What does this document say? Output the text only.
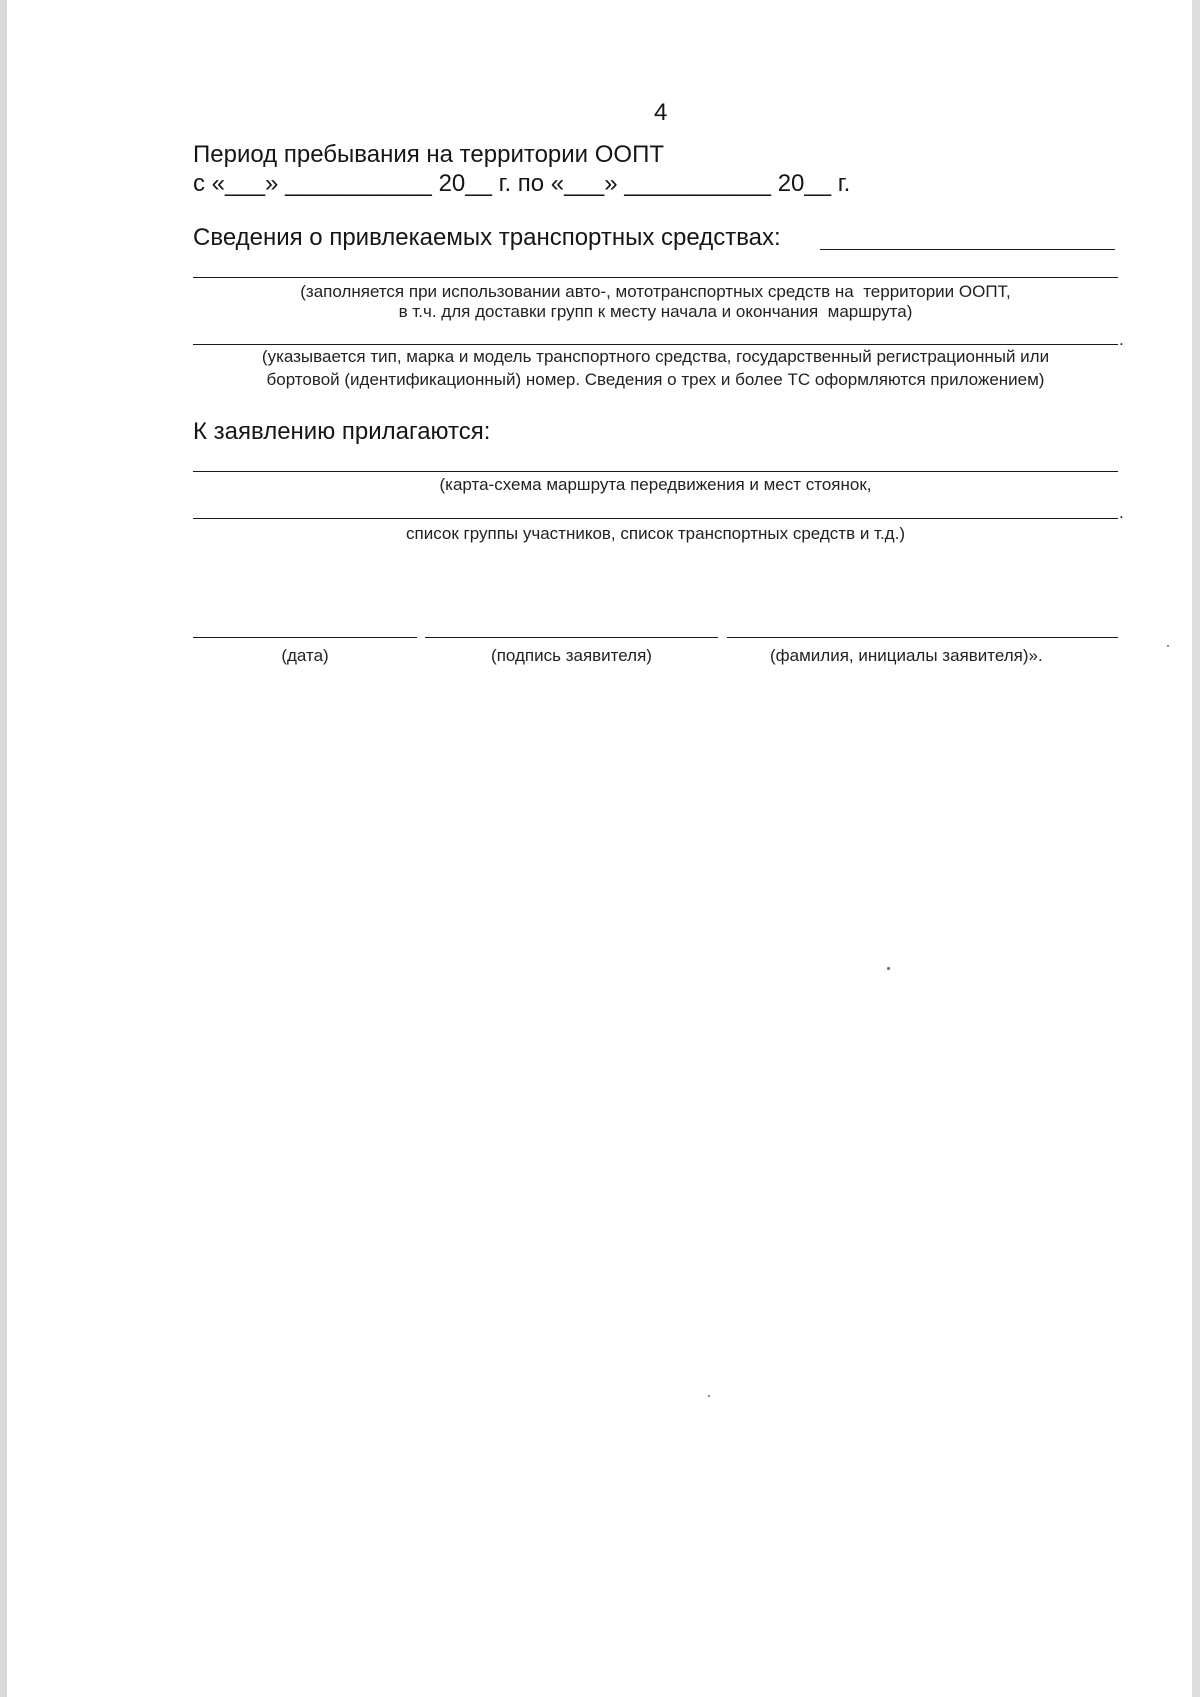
4
Период пребывания на территории ООПТ
с «___» ___________ 20__ г. по «___» ___________ 20__ г.
Сведения о привлекаемых транспортных средствах:
(заполняется при использовании авто-, мототранспортных средств на  территории ООПТ,
в т.ч. для доставки групп к месту начала и окончания  маршрута)
.
(указывается тип, марка и модель транспортного средства, государственный регистрационный или
бортовой (идентификационный) номер. Сведения о трех и более ТС оформляются приложением)
К заявлению прилагаются:
(карта-схема маршрута передвижения и мест стоянок,
.
список группы участников, список транспортных средств и т.д.)
(дата)	(подпись заявителя)	(фамилия, инициалы заявителя)».
